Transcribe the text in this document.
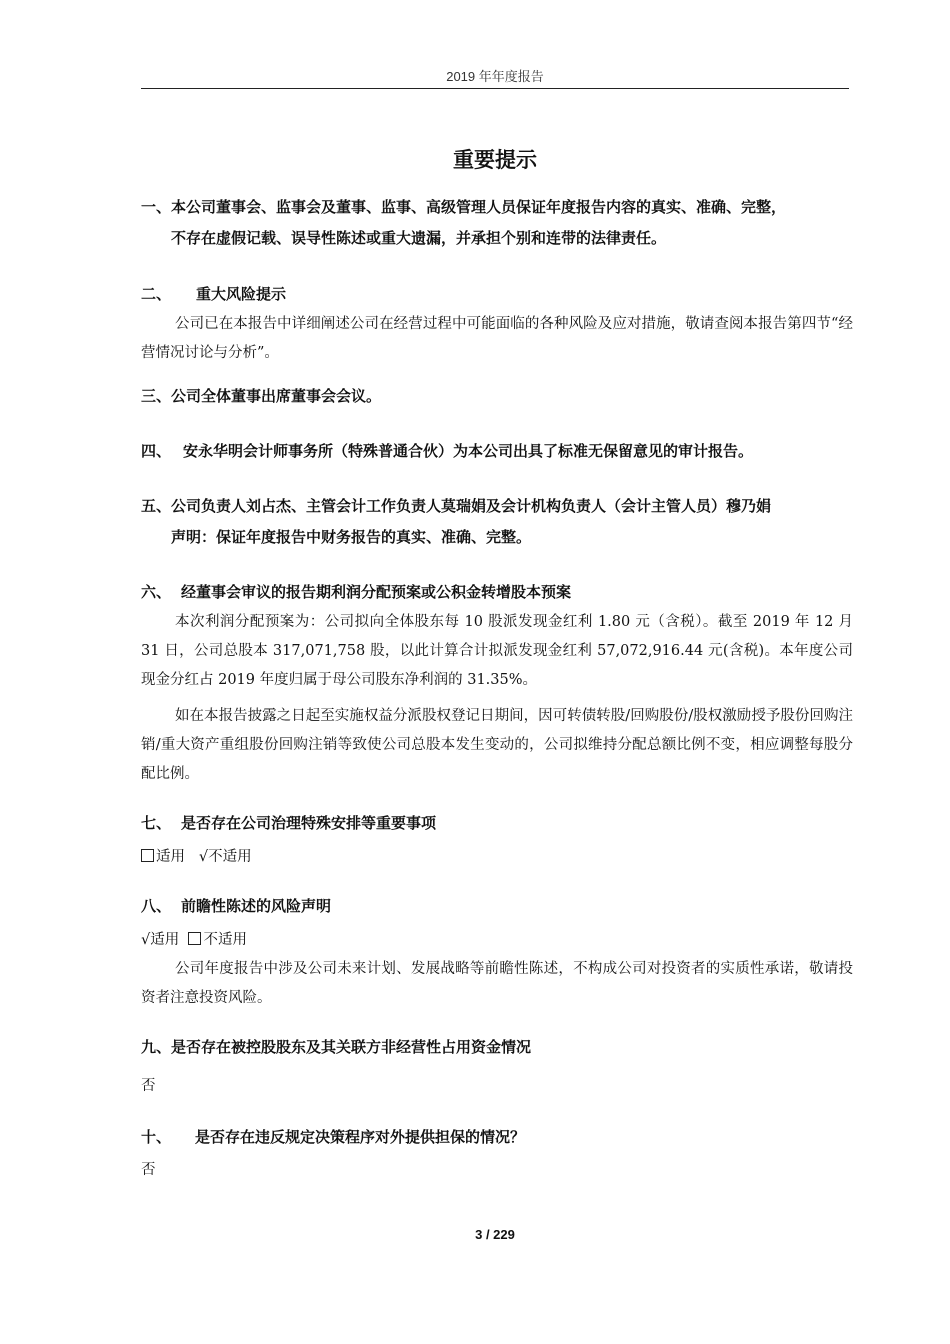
2019 年年度报告
重要提示
一、本公司董事会、监事会及董事、监事、高级管理人员保证年度报告内容的真实、准确、完整，
不存在虚假记载、误导性陈述或重大遗漏，并承担个别和连带的法律责任。
二、 重大风险提示
公司已在本报告中详细阐述公司在经营过程中可能面临的各种风险及应对措施，敬请查阅本报告第四节“经营情况讨论与分析”。
三、公司全体董事出席董事会会议。
四、 安永华明会计师事务所（特殊普通合伙）为本公司出具了标准无保留意见的审计报告。
五、公司负责人刘占杰、主管会计工作负责人莫瑞娟及会计机构负责人（会计主管人员）穆乃娟
声明：保证年度报告中财务报告的真实、准确、完整。
六、 经董事会审议的报告期利润分配预案或公积金转增股本预案
本次利润分配预案为：公司拟向全体股东每 10 股派发现金红利 1.80 元（含税）。截至 2019 年 12 月 31 日，公司总股本 317,071,758 股，以此计算合计拟派发现金红利 57,072,916.44 元(含税)。本年度公司现金分红占 2019 年度归属于母公司股东净利润的 31.35%。
如在本报告披露之日起至实施权益分派股权登记日期间，因可转债转股/回购股份/股权激励授予股份回购注销/重大资产重组股份回购注销等致使公司总股本发生变动的，公司拟维持分配总额比例不变，相应调整每股分配比例。
七、 是否存在公司治理特殊安排等重要事项
适用 √不适用
八、 前瞻性陈述的风险声明
√适用 不适用
公司年度报告中涉及公司未来计划、发展战略等前瞻性陈述，不构成公司对投资者的实质性承诺，敬请投资者注意投资风险。
九、是否存在被控股股东及其关联方非经营性占用资金情况
否
十、 是否存在违反规定决策程序对外提供担保的情况？
否
3 / 229
